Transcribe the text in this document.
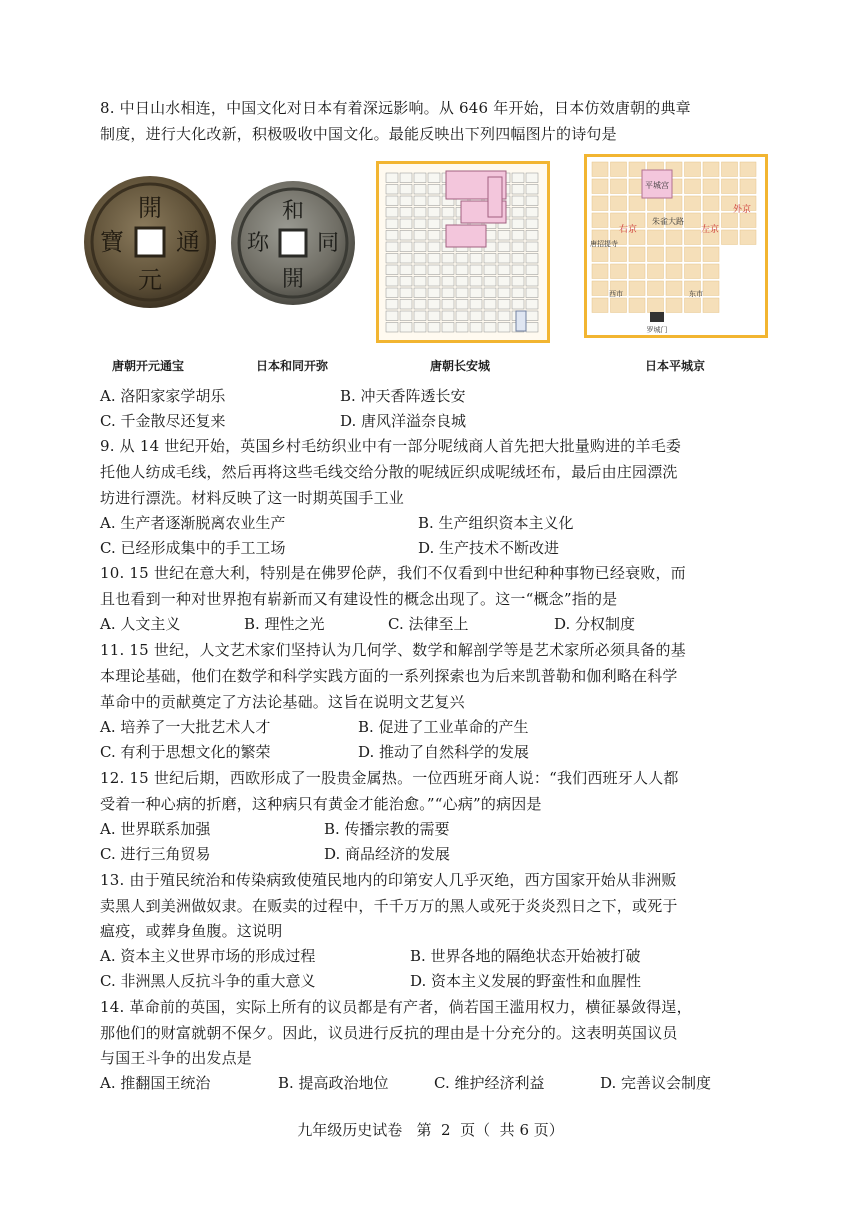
8. 中日山水相连，中国文化对日本有着深远影响。从 646 年开始，日本仿效唐朝的典章
制度，进行大化改新，积极吸收中国文化。最能反映出下列四幅图片的诗句是
開
元
通
寶
和
同
開
珎
平城宫
右京	左京
外京
朱雀大路
唐招提寺
西市	东市
罗城门
唐朝开元通宝	日本和同开弥	唐朝长安城	日本平城京
A. 洛阳家家学胡乐	B. 冲天香阵透长安
C. 千金散尽还复来	D. 唐风洋溢奈良城
9. 从 14 世纪开始，英国乡村毛纺织业中有一部分呢绒商人首先把大批量购进的羊毛委
托他人纺成毛线，然后再将这些毛线交给分散的呢绒匠织成呢绒坯布，最后由庄园漂洗
坊进行漂洗。材料反映了这一时期英国手工业
A. 生产者逐渐脱离农业生产	B. 生产组织资本主义化
C. 已经形成集中的手工工场	D. 生产技术不断改进
10. 15 世纪在意大利，特别是在佛罗伦萨，我们不仅看到中世纪种种事物已经衰败，而
且也看到一种对世界抱有崭新而又有建设性的概念出现了。这一“概念”指的是
A. 人文主义	B. 理性之光	C. 法律至上	D. 分权制度
11. 15 世纪，人文艺术家们坚持认为几何学、数学和解剖学等是艺术家所必须具备的基
本理论基础，他们在数学和科学实践方面的一系列探索也为后来凯普勒和伽利略在科学
革命中的贡献奠定了方法论基础。这旨在说明文艺复兴
A. 培养了一大批艺术人才	B. 促进了工业革命的产生
C. 有利于思想文化的繁荣	D. 推动了自然科学的发展
12. 15 世纪后期，西欧形成了一股贵金属热。一位西班牙商人说：“我们西班牙人人都
受着一种心病的折磨，这种病只有黄金才能治愈。”“心病”的病因是
A. 世界联系加强	B. 传播宗教的需要
C. 进行三角贸易	D. 商品经济的发展
13. 由于殖民统治和传染病致使殖民地内的印第安人几乎灭绝，西方国家开始从非洲贩
卖黑人到美洲做奴隶。在贩卖的过程中，千千万万的黑人或死于炎炎烈日之下，或死于
瘟疫，或葬身鱼腹。这说明
A. 资本主义世界市场的形成过程	B. 世界各地的隔绝状态开始被打破
C. 非洲黑人反抗斗争的重大意义	D. 资本主义发展的野蛮性和血腥性
14. 革命前的英国，实际上所有的议员都是有产者，倘若国王滥用权力，横征暴敛得逞，
那他们的财富就朝不保夕。因此，议员进行反抗的理由是十分充分的。这表明英国议员
与国王斗争的出发点是
A. 推翻国王统治	B. 提高政治地位	C. 维护经济利益	D. 完善议会制度
九年级历史试卷   第  2  页（  共 6 页）
